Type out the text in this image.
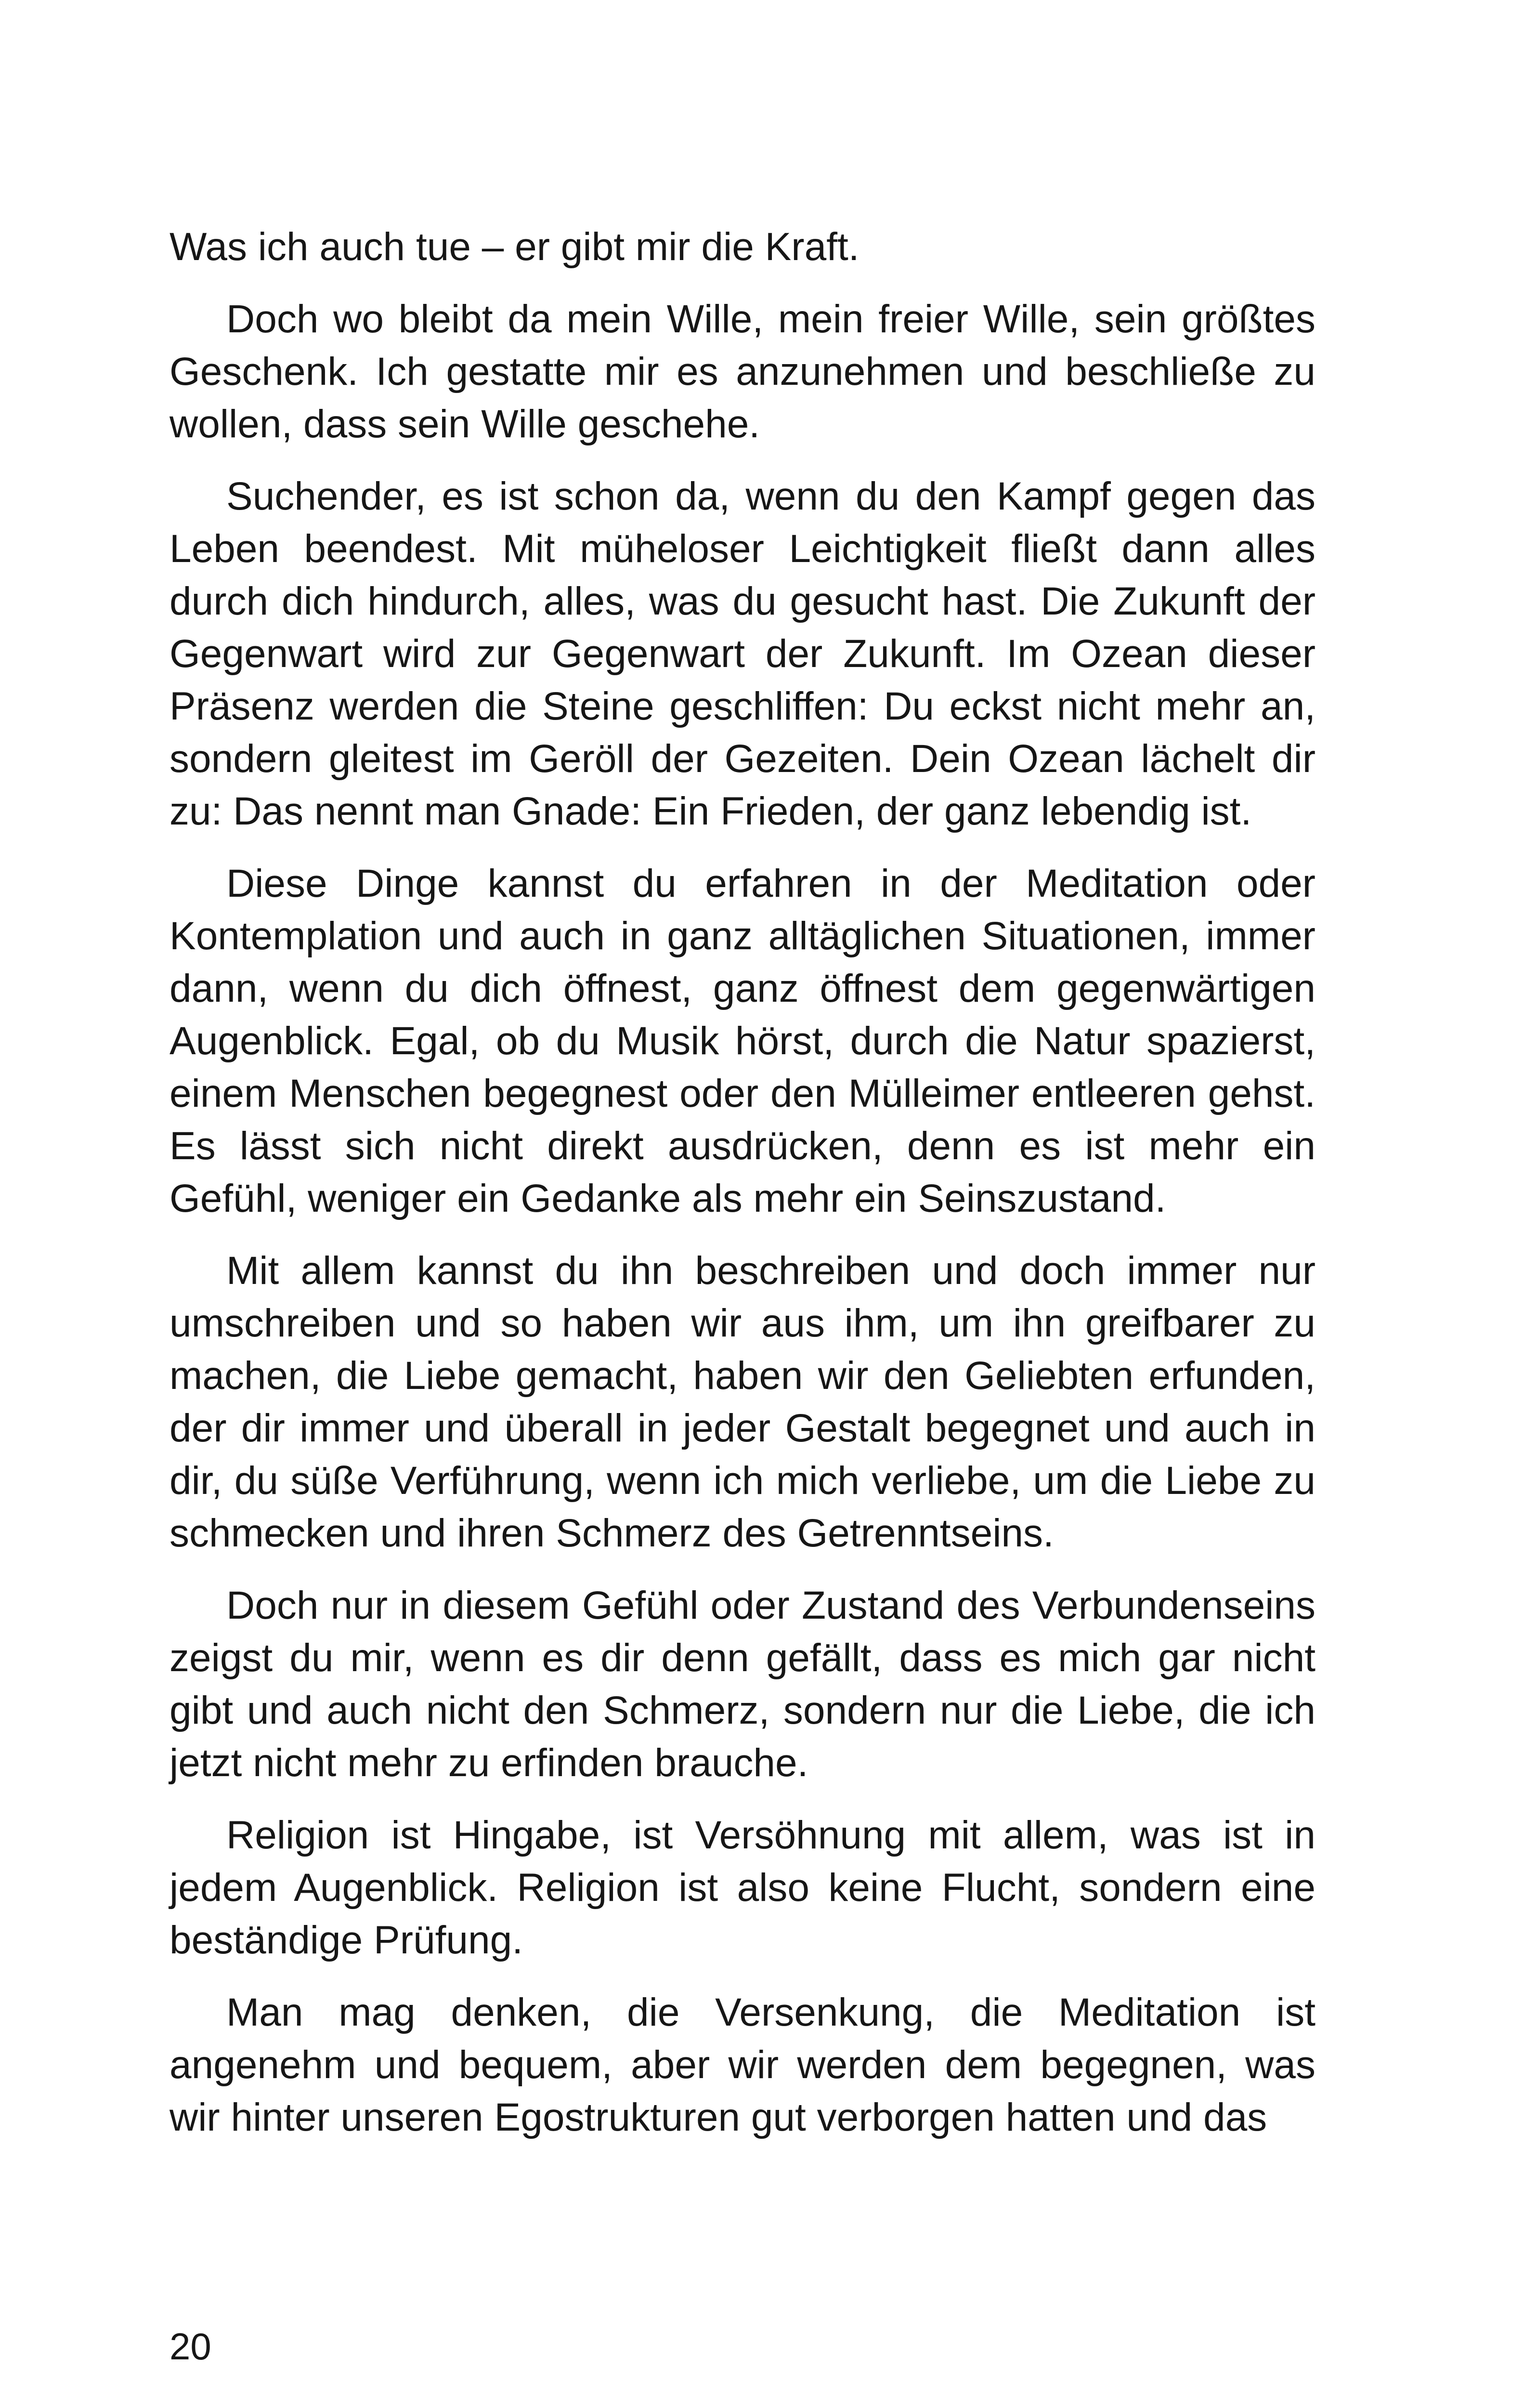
Was ich auch tue – er gibt mir die Kraft.

Doch wo bleibt da mein Wille, mein freier Wille, sein größtes Geschenk. Ich gestatte mir es anzunehmen und beschließe zu wollen, dass sein Wille geschehe.

Suchender, es ist schon da, wenn du den Kampf gegen das Leben beendest. Mit müheloser Leichtigkeit fließt dann alles durch dich hindurch, alles, was du gesucht hast. Die Zukunft der Gegenwart wird zur Gegenwart der Zukunft. Im Ozean dieser Präsenz werden die Steine geschliffen: Du eckst nicht mehr an, sondern gleitest im Geröll der Gezeiten. Dein Ozean lächelt dir zu: Das nennt man Gnade: Ein Frieden, der ganz lebendig ist.

Diese Dinge kannst du erfahren in der Meditation oder Kontemplation und auch in ganz alltäglichen Situationen, immer dann, wenn du dich öffnest, ganz öffnest dem gegenwärtigen Augenblick. Egal, ob du Musik hörst, durch die Natur spazierst, einem Menschen begegnest oder den Mülleimer entleeren gehst. Es lässt sich nicht direkt ausdrücken, denn es ist mehr ein Gefühl, weniger ein Gedanke als mehr ein Seinszustand.

Mit allem kannst du ihn beschreiben und doch immer nur umschreiben und so haben wir aus ihm, um ihn greifbarer zu machen, die Liebe gemacht, haben wir den Geliebten erfunden, der dir immer und überall in jeder Gestalt begegnet und auch in dir, du süße Verführung, wenn ich mich verliebe, um die Liebe zu schmecken und ihren Schmerz des Getrenntseins.

Doch nur in diesem Gefühl oder Zustand des Verbundenseins zeigst du mir, wenn es dir denn gefällt, dass es mich gar nicht gibt und auch nicht den Schmerz, sondern nur die Liebe, die ich jetzt nicht mehr zu erfinden brauche.

Religion ist Hingabe, ist Versöhnung mit allem, was ist in jedem Augenblick. Religion ist also keine Flucht, sondern eine beständige Prüfung.

Man mag denken, die Versenkung, die Meditation ist angenehm und bequem, aber wir werden dem begegnen, was wir hinter unseren Egostrukturen gut verborgen hatten und das

20
